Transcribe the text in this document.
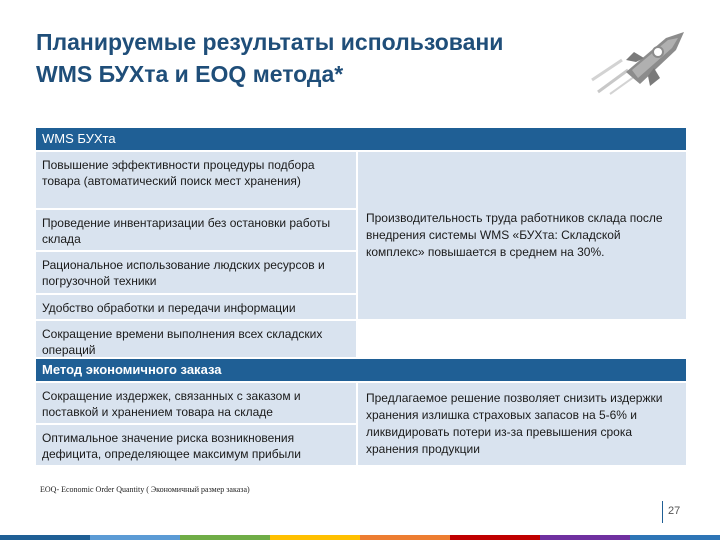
Планируемые результаты использовани
WMS БУХта и EOQ метода*
WMS БУХта
Повышение эффективности процедуры подбора товара (автоматический поиск мест хранения)
Проведение инвентаризации без остановки работы склада
Рациональное использование людских ресурсов и погрузочной техники
Удобство обработки и передачи информации
Сокращение времени выполнения всех складских операций
Производительность труда работников склада после внедрения системы WMS «БУХта: Складской комплекс» повышается в среднем на 30%.
Метод экономичного заказа
Сокращение издержек, связанных с заказом и поставкой и хранением товара на складе
Оптимальное значение риска возникновения дефицита, определяющее максимум прибыли
Предлагаемое решение позволяет снизить издержки хранения излишка страховых запасов на 5-6% и ликвидировать потери из-за превышения срока хранения продукции
EOQ- Economic Order Quantity ( Экономичный размер заказа)
27
